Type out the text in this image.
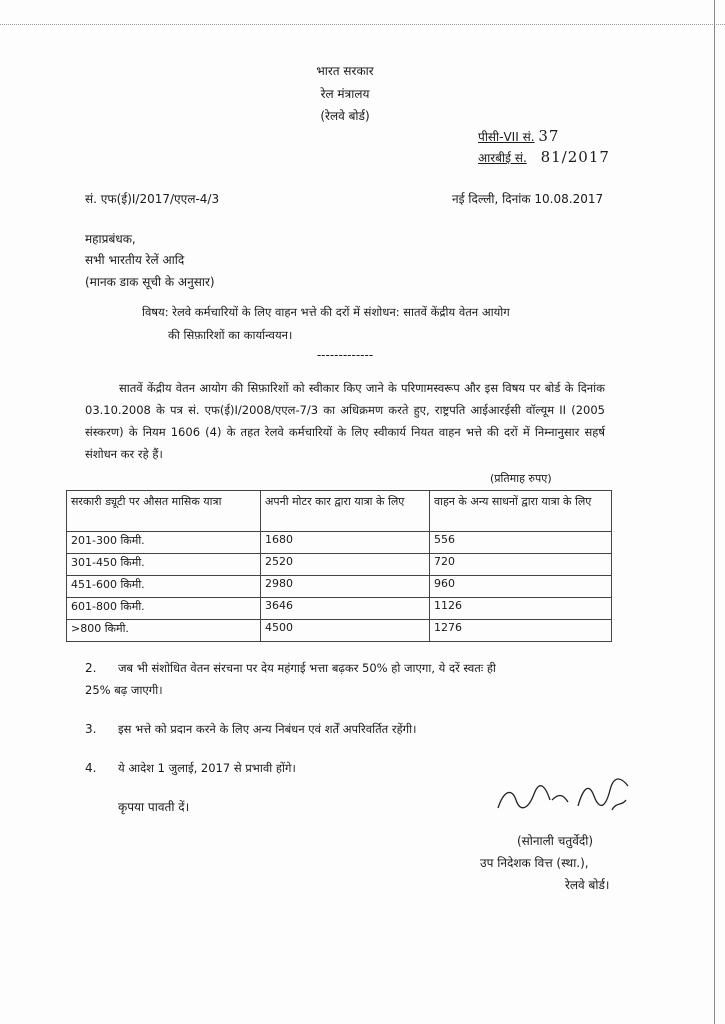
भारत सरकार
रेल मंत्रालय
(रेलवे बोर्ड)
पीसी-VII सं. 37
आरबीई सं. 81/2017
सं. एफ(ई)I/2017/एएल-4/3	नई दिल्ली, दिनांक 10.08.2017
महाप्रबंधक,
सभी भारतीय रेलें आदि
(मानक डाक सूची के अनुसार)
विषय: रेलवे कर्मचारियों के लिए वाहन भत्ते की दरों में संशोधन: सातवें केंद्रीय वेतन आयोग
की सिफ़ारिशों का कार्यान्वयन।
-------------
सातवें केंद्रीय वेतन आयोग की सिफ़ारिशों को स्वीकार किए जाने के परिणामस्वरूप और इस विषय पर बोर्ड के दिनांक 03.10.2008 के पत्र सं. एफ(ई)I/2008/एएल-7/3 का अधिक्रमण करते हुए, राष्ट्रपति आईआरईसी वॉल्यूम II (2005 संस्करण) के नियम 1606 (4) के तहत रेलवे कर्मचारियों के लिए स्वीकार्य नियत वाहन भत्ते की दरों में निम्नानुसार सहर्ष संशोधन कर रहे हैं।
(प्रतिमाह रुपए)
सरकारी ड्यूटी पर औसत मासिक यात्रा	अपनी मोटर कार द्वारा यात्रा के लिए	वाहन के अन्य साधनों द्वारा यात्रा के लिए
201-300 किमी.	1680	556
301-450 किमी.	2520	720
451-600 किमी.	2980	960
601-800 किमी.	3646	1126
>800 किमी.	4500	1276
2. जब भी संशोधित वेतन संरचना पर देय महंगाई भत्ता बढ़कर 50% हो जाएगा, ये दरें स्वतः ही
25% बढ़ जाएगी।
3. इस भत्ते को प्रदान करने के लिए अन्य निबंधन एवं शर्तें अपरिवर्तित रहेंगी।
4. ये आदेश 1 जुलाई, 2017 से प्रभावी होंगे।
कृपया पावती दें।
(सोनाली चतुर्वेदी)
उप निदेशक वित्त (स्था.),
रेलवे बोर्ड।
